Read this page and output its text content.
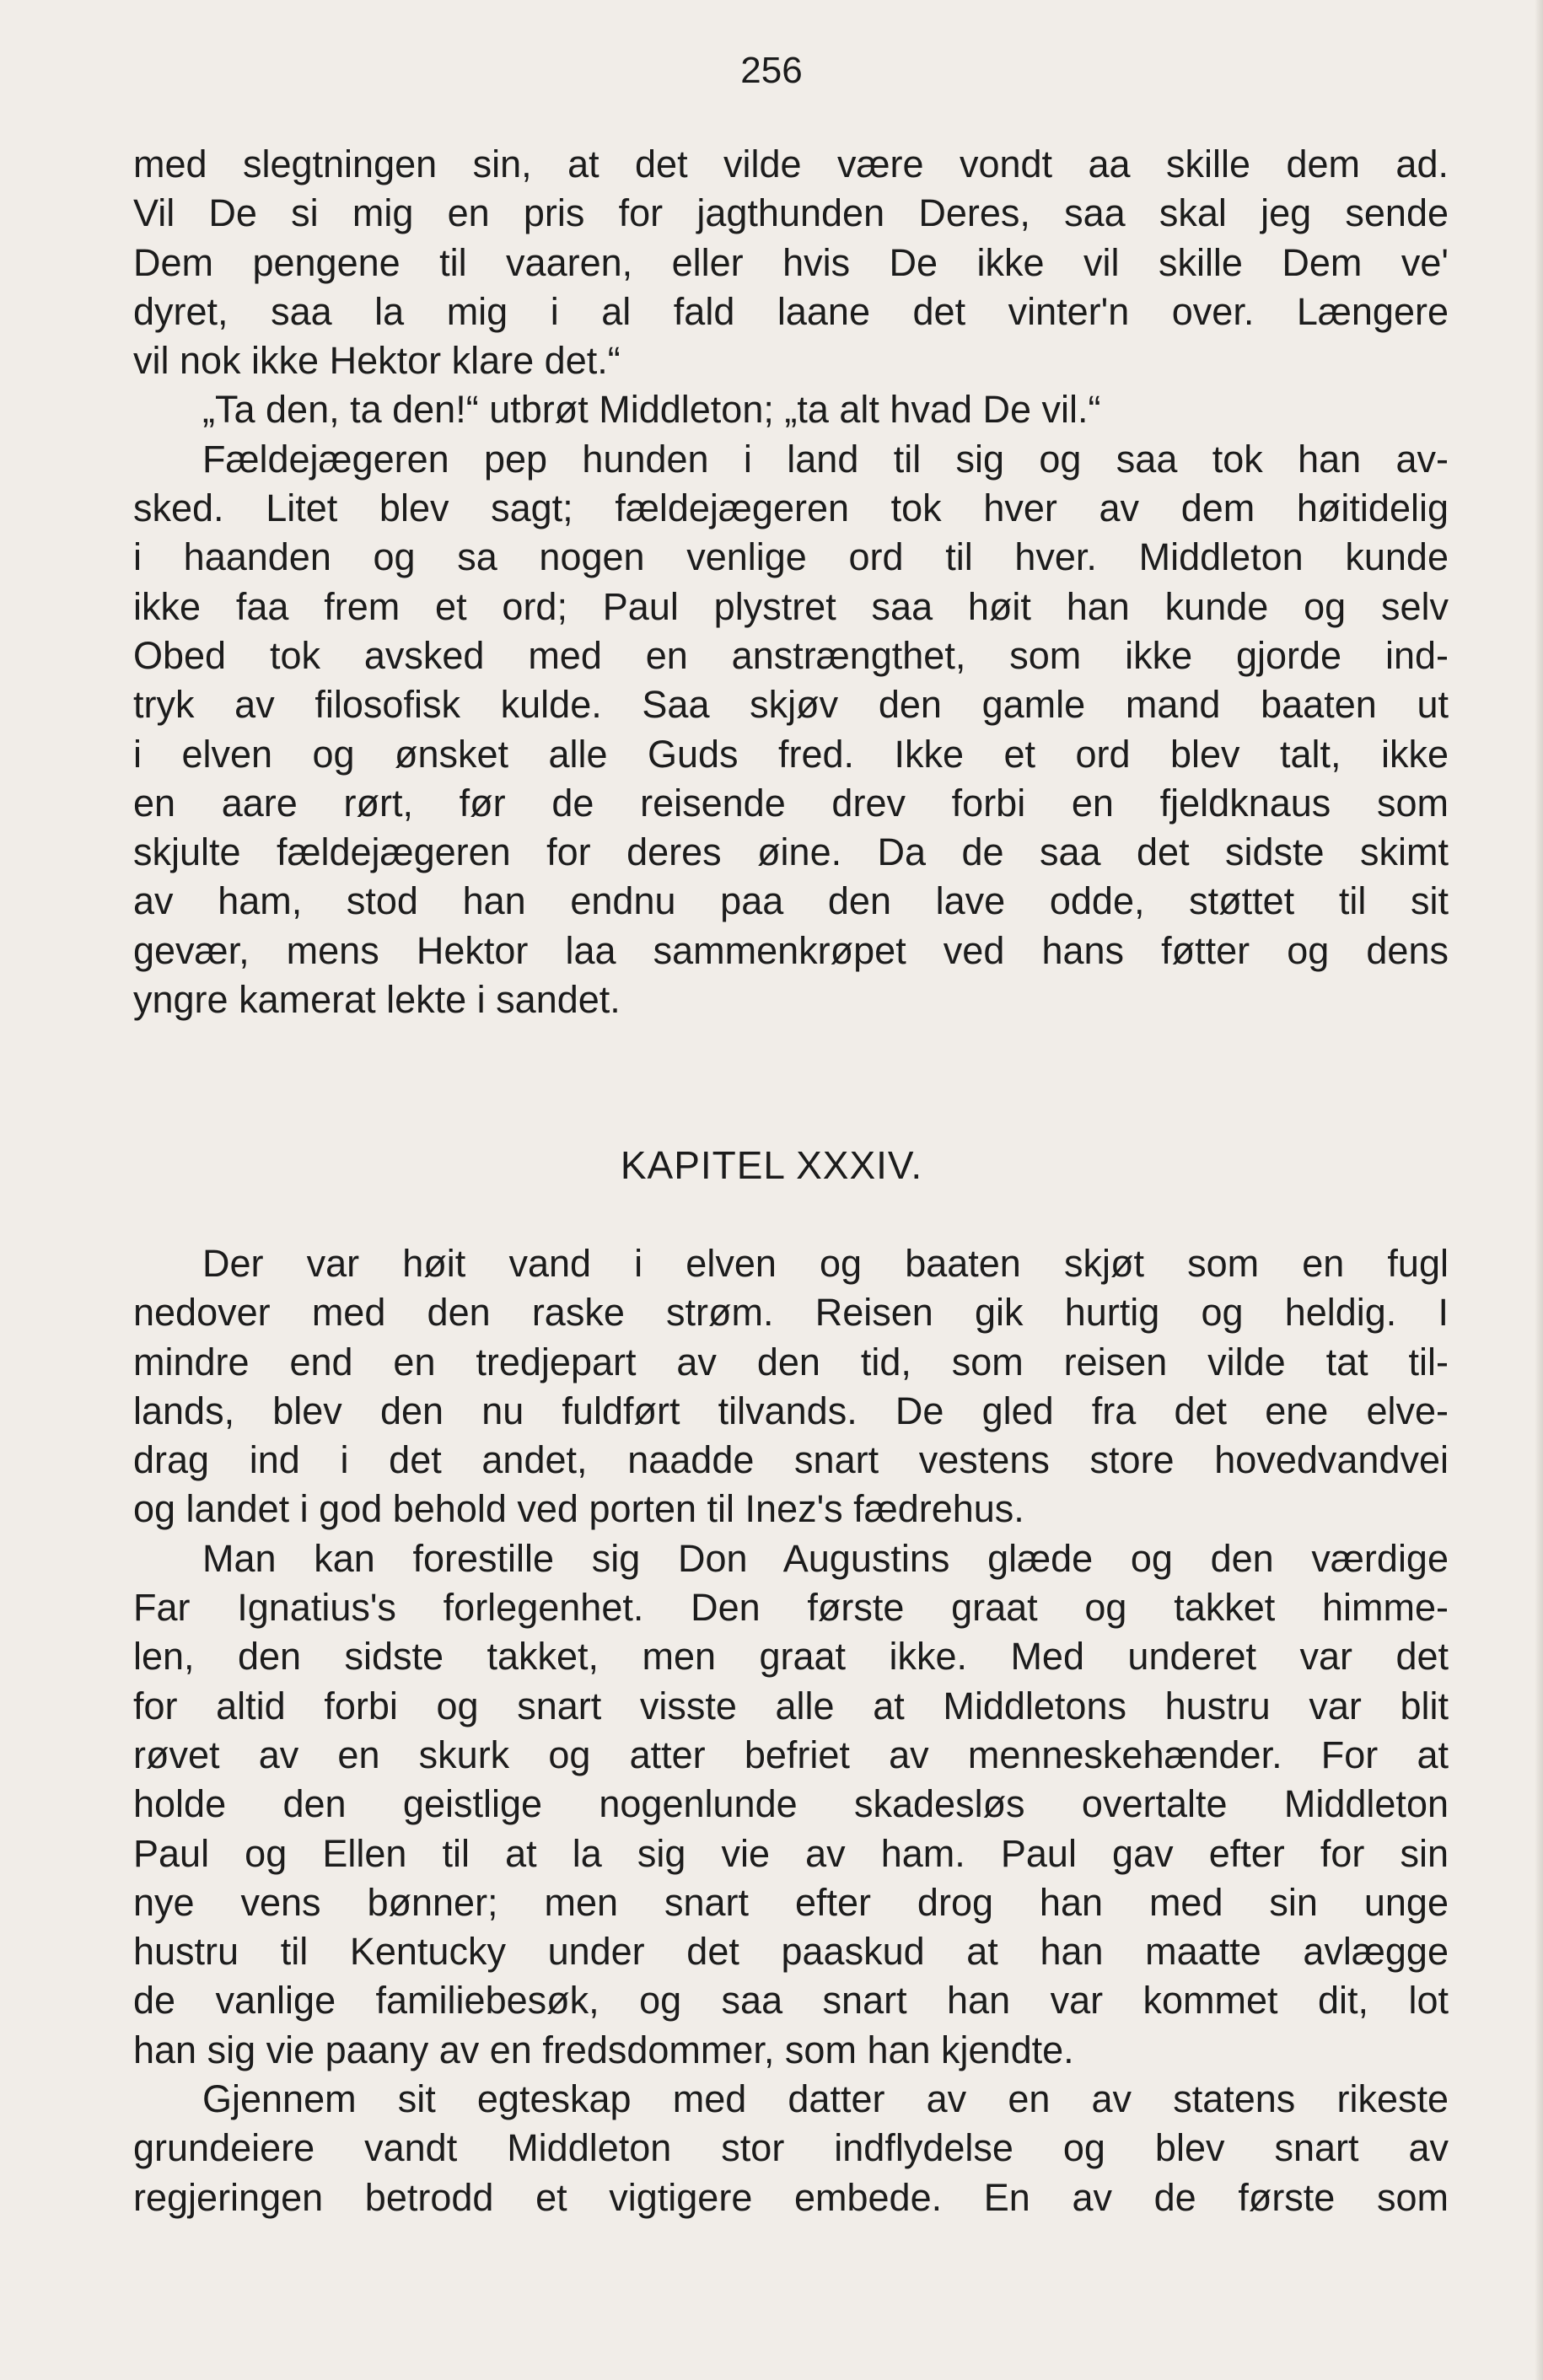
256
med slegtningen sin, at det vilde være vondt aa skille dem ad.
Vil De si mig en pris for jagthunden Deres, saa skal jeg sende
Dem pengene til vaaren, eller hvis De ikke vil skille Dem ve'
dyret, saa la mig i al fald laane det vinter'n over. Længere
vil nok ikke Hektor klare det.“
„Ta den, ta den!“ utbrøt Middleton; „ta alt hvad De vil.“
Fældejægeren pep hunden i land til sig og saa tok han av-
sked. Litet blev sagt; fældejægeren tok hver av dem høitidelig
i haanden og sa nogen venlige ord til hver. Middleton kunde
ikke faa frem et ord; Paul plystret saa høit han kunde og selv
Obed tok avsked med en anstrængthet, som ikke gjorde ind-
tryk av filosofisk kulde. Saa skjøv den gamle mand baaten ut
i elven og ønsket alle Guds fred. Ikke et ord blev talt, ikke
en aare rørt, før de reisende drev forbi en fjeldknaus som
skjulte fældejægeren for deres øine. Da de saa det sidste skimt
av ham, stod han endnu paa den lave odde, støttet til sit
gevær, mens Hektor laa sammenkrøpet ved hans føtter og dens
yngre kamerat lekte i sandet.
KAPITEL XXXIV.
Der var høit vand i elven og baaten skjøt som en fugl
nedover med den raske strøm. Reisen gik hurtig og heldig. I
mindre end en tredjepart av den tid, som reisen vilde tat til-
lands, blev den nu fuldført tilvands. De gled fra det ene elve-
drag ind i det andet, naadde snart vestens store hovedvandvei
og landet i god behold ved porten til Inez's fædrehus.
Man kan forestille sig Don Augustins glæde og den værdige
Far Ignatius's forlegenhet. Den første graat og takket himme-
len, den sidste takket, men graat ikke. Med underet var det
for altid forbi og snart visste alle at Middletons hustru var blit
røvet av en skurk og atter befriet av menneskehænder. For at
holde den geistlige nogenlunde skadesløs overtalte Middleton
Paul og Ellen til at la sig vie av ham. Paul gav efter for sin
nye vens bønner; men snart efter drog han med sin unge
hustru til Kentucky under det paaskud at han maatte avlægge
de vanlige familiebesøk, og saa snart han var kommet dit, lot
han sig vie paany av en fredsdommer, som han kjendte.
Gjennem sit egteskap med datter av en av statens rikeste
grundeiere vandt Middleton stor indflydelse og blev snart av
regjeringen betrodd et vigtigere embede. En av de første som
